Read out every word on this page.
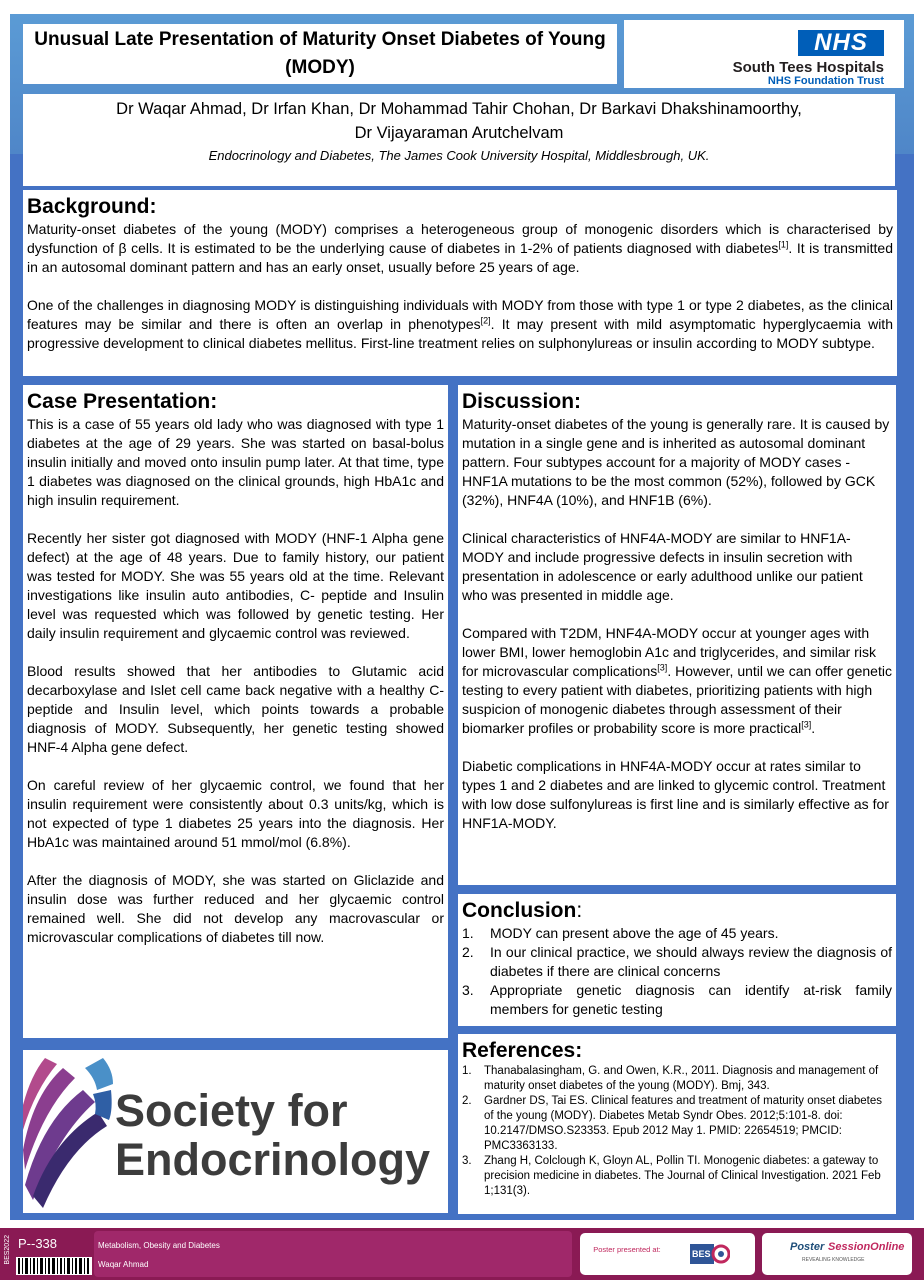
Unusual Late Presentation of Maturity Onset Diabetes of Young (MODY)
NHS
South Tees Hospitals
NHS Foundation Trust
Dr Waqar Ahmad, Dr Irfan Khan, Dr Mohammad Tahir Chohan, Dr Barkavi Dhakshinamoorthy,
Dr Vijayaraman Arutchelvam
Endocrinology and Diabetes, The James Cook University Hospital, Middlesbrough, UK.
Background:

Maturity-onset diabetes of the young (MODY) comprises a heterogeneous group of monogenic disorders which is characterised by dysfunction of β cells. It is estimated to be the underlying cause of diabetes in 1-2% of patients diagnosed with diabetes[1]. It is transmitted in an autosomal dominant pattern and has an early onset, usually before 25 years of age.

One of the challenges in diagnosing MODY is distinguishing individuals with MODY from those with type 1 or type 2 diabetes, as the clinical features may be similar and there is often an overlap in phenotypes[2]. It may present with mild asymptomatic hyperglycaemia with progressive development to clinical diabetes mellitus. First-line treatment relies on sulphonylureas or insulin according to MODY subtype.

Case Presentation:

This is a case of 55 years old lady who was diagnosed with type 1 diabetes at the age of 29 years. She was started on basal-bolus insulin initially and moved onto insulin pump later. At that time, type 1 diabetes was diagnosed on the clinical grounds, high HbA1c and high insulin requirement.

Recently her sister got diagnosed with MODY (HNF-1 Alpha gene defect) at the age of 48 years. Due to family history, our patient was tested for MODY. She was 55 years old at the time. Relevant investigations like insulin auto antibodies, C- peptide and Insulin level was requested which was followed by genetic testing. Her daily insulin requirement and glycaemic control was reviewed.

Blood results showed that her antibodies to Glutamic acid decarboxylase and Islet cell came back negative with a healthy C-peptide and Insulin level, which points towards a probable diagnosis of MODY. Subsequently, her genetic testing showed HNF-4 Alpha gene defect.

On careful review of her glycaemic control, we found that her insulin requirement were consistently about 0.3 units/kg, which is not expected of type 1 diabetes 25 years into the diagnosis. Her HbA1c was maintained around 51 mmol/mol (6.8%).

After the diagnosis of MODY, she was started on Gliclazide and insulin dose was further reduced and her glycaemic control remained well. She did not develop any macrovascular or microvascular complications of diabetes till now.

Discussion:

Maturity-onset diabetes of the young is generally rare. It is caused by mutation in a single gene and is inherited as autosomal dominant pattern. Four subtypes account for a majority of MODY cases - HNF1A mutations to be the most common (52%), followed by GCK (32%), HNF4A (10%), and HNF1B (6%).

Clinical characteristics of HNF4A-MODY are similar to HNF1A-MODY and include progressive defects in insulin secretion with presentation in adolescence or early adulthood unlike our patient who was presented in middle age.

Compared with T2DM, HNF4A-MODY occur at younger ages with lower BMI, lower hemoglobin A1c and triglycerides, and similar risk for microvascular complications[3]. However, until we can offer genetic testing to every patient with diabetes, prioritizing patients with high suspicion of monogenic diabetes through assessment of their biomarker profiles or probability score is more practical[3].

Diabetic complications in HNF4A-MODY occur at rates similar to types 1 and 2 diabetes and are linked to glycemic control. Treatment with low dose sulfonylureas is first line and is similarly effective as for HNF1A-MODY.

Conclusion:
1.	MODY can present above the age of 45 years.
2.	In our clinical practice, we should always review the diagnosis of diabetes if there are clinical concerns
3.	Appropriate genetic diagnosis can identify at-risk family members for genetic testing
References:
1.	Thanabalasingham, G. and Owen, K.R., 2011. Diagnosis and management of maturity onset diabetes of the young (MODY). Bmj, 343.
2.	Gardner DS, Tai ES. Clinical features and treatment of maturity onset diabetes of the young (MODY). Diabetes Metab Syndr Obes. 2012;5:101-8. doi: 10.2147/DMSO.S23353. Epub 2012 May 1. PMID: 22654519; PMCID: PMC3363133.
3.	Zhang H, Colclough K, Gloyn AL, Pollin TI. Monogenic diabetes: a gateway to precision medicine in diabetes. The Journal of Clinical Investigation. 2021 Feb 1;131(3).
Society for
Endocrinology
BES2022 P--338	Metabolism, Obesity and Diabetes
Waqar Ahmad
Poster presented at:	BES
Poster SessionOnline
REVEALING KNOWLEDGE
